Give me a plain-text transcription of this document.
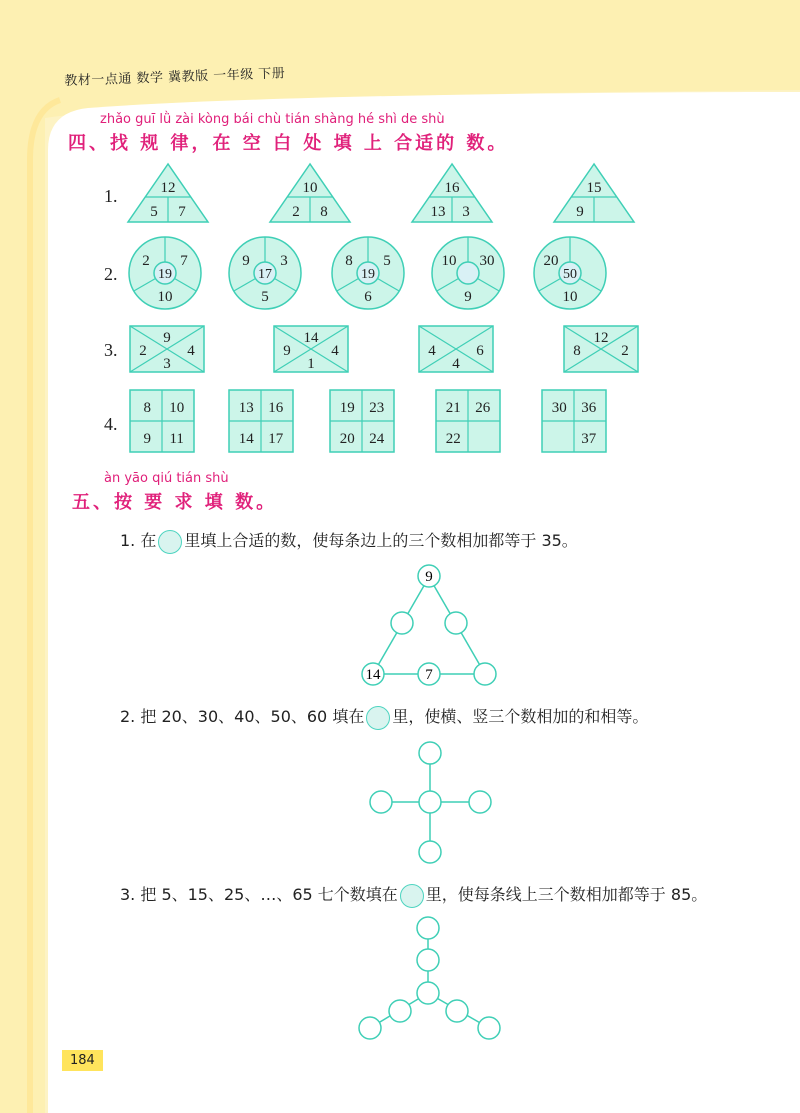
教材一点通 数学 冀教版 一年级 下册
zhǎo guī lǜ zài kòng bái chù tián shàng hé shì de shù
四、找 规 律，在 空 白 处 填 上 合适的 数。
1.
2.
3.
4.
12
5 7
10
2 8
16
13 3
15
9
2 7
19
10
9 3
17
5
8 5
19
6
10 30
9
20
50
10
9
2	4
3
14
9	4
1
4	6
4
12
8	2
8 10
9 11
13 16
14 17
19 23
20 24
21 26
22
30 36
37
àn yāo qiú tián shù
五、按 要 求 填 数。
1. 在 里填上合适的数，使每条边上的三个数相加都等于 35。
2. 把 20、30、40、50、60 填在 里，使横、竖三个数相加的和相等。
3. 把 5、15、25、…、65 七个数填在 里，使每条线上三个数相加都等于 85。
9
14	7
184
